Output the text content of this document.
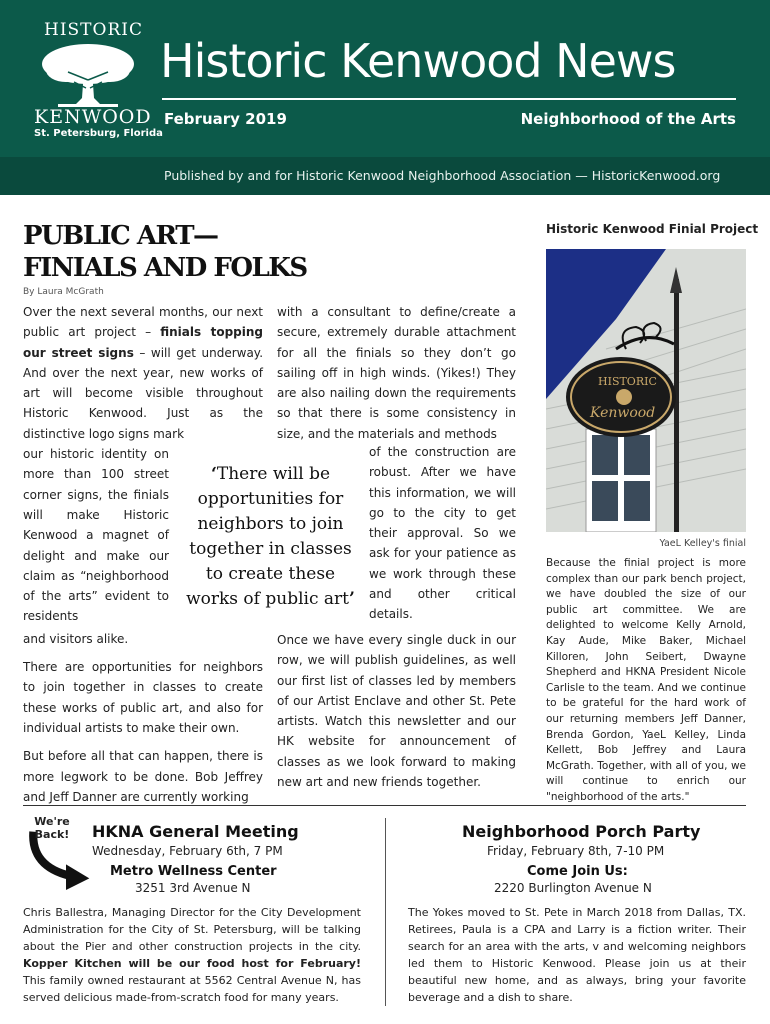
HISTORIC
KENWOOD
St. Petersburg, Florida
Historic Kenwood News
February 2019	Neighborhood of the Arts
Published by and for Historic Kenwood Neighborhood Association — HistoricKenwood.org
PUBLIC ART—
FINIALS AND FOLKS
By Laura McGrath

Over the next several months, our next public art project – finials topping our street signs – will get underway. And over the next year, new works of art will become visible throughout Historic Kenwood. Just as the distinctive logo signs mark

our historic identity on more than 100 street corner signs, the finials will make Historic Kenwood a magnet of delight and make our claim as “neighborhood of the arts” evident to residents

and visitors alike.

There are opportunities for neighbors to join together in classes to create these works of public art, and also for individual artists to make their own.

But before all that can happen, there is more legwork to be done. Bob Jeffrey and Jeff Danner are currently working

with a consultant to define/create a secure, extremely durable attachment for all the finials so they don’t go sailing off in high winds. (Yikes!) They are also nailing down the requirements so that there is some consistency in size, and the materials and methods
of the construction are robust. After we have this information, we will go to the city to get their approval. So we ask for your patience as we work through these and other critical details.
Once we have every single duck in our row, we will publish guidelines, as well our first list of classes led by members of our Artist Enclave and other St. Pete artists. Watch this newsletter and our HK website for announcement of classes as we look forward to making new art and new friends together.
‘There will be opportunities for neighbors to join together in classes to create these works of public art’
Historic Kenwood Finial Project
HISTORIC
Kenwood
YaeL Kelley's finial
Because the finial project is more complex than our park bench project, we have doubled the size of our public art committee. We are delighted to welcome Kelly Arnold, Kay Aude, Mike Baker, Michael Killoren, John Seibert, Dwayne Shepherd and HKNA President Nicole Carlisle to the team. And we continue to be grateful for the hard work of our returning members Jeff Danner, Brenda Gordon, YaeL Kelley, Linda Kellett, Bob Jeffrey and Laura McGrath. Together, with all of you, we will continue to enrich our "neighborhood of the arts."
We're Back! HKNA General Meeting
Wednesday, February 6th, 7 PM
Metro Wellness Center
3251 3rd Avenue N
Chris Ballestra, Managing Director for the City Development Administration for the City of St. Petersburg, will be talking about the Pier and other construction projects in the city. Kopper Kitchen will be our food host for February! This family owned restaurant at 5562 Central Avenue N, has served delicious made-from-scratch food for many years.
Neighborhood Porch Party
Friday, February 8th, 7-10 PM
Come Join Us:
2220 Burlington Avenue N
The Yokes moved to St. Pete in March 2018 from Dallas, TX. Retirees, Paula is a CPA and Larry is a fiction writer. Their search for an area with the arts, v and welcoming neighbors led them to Historic Kenwood. Please join us at their beautiful new home, and as always, bring your favorite beverage and a dish to share.
